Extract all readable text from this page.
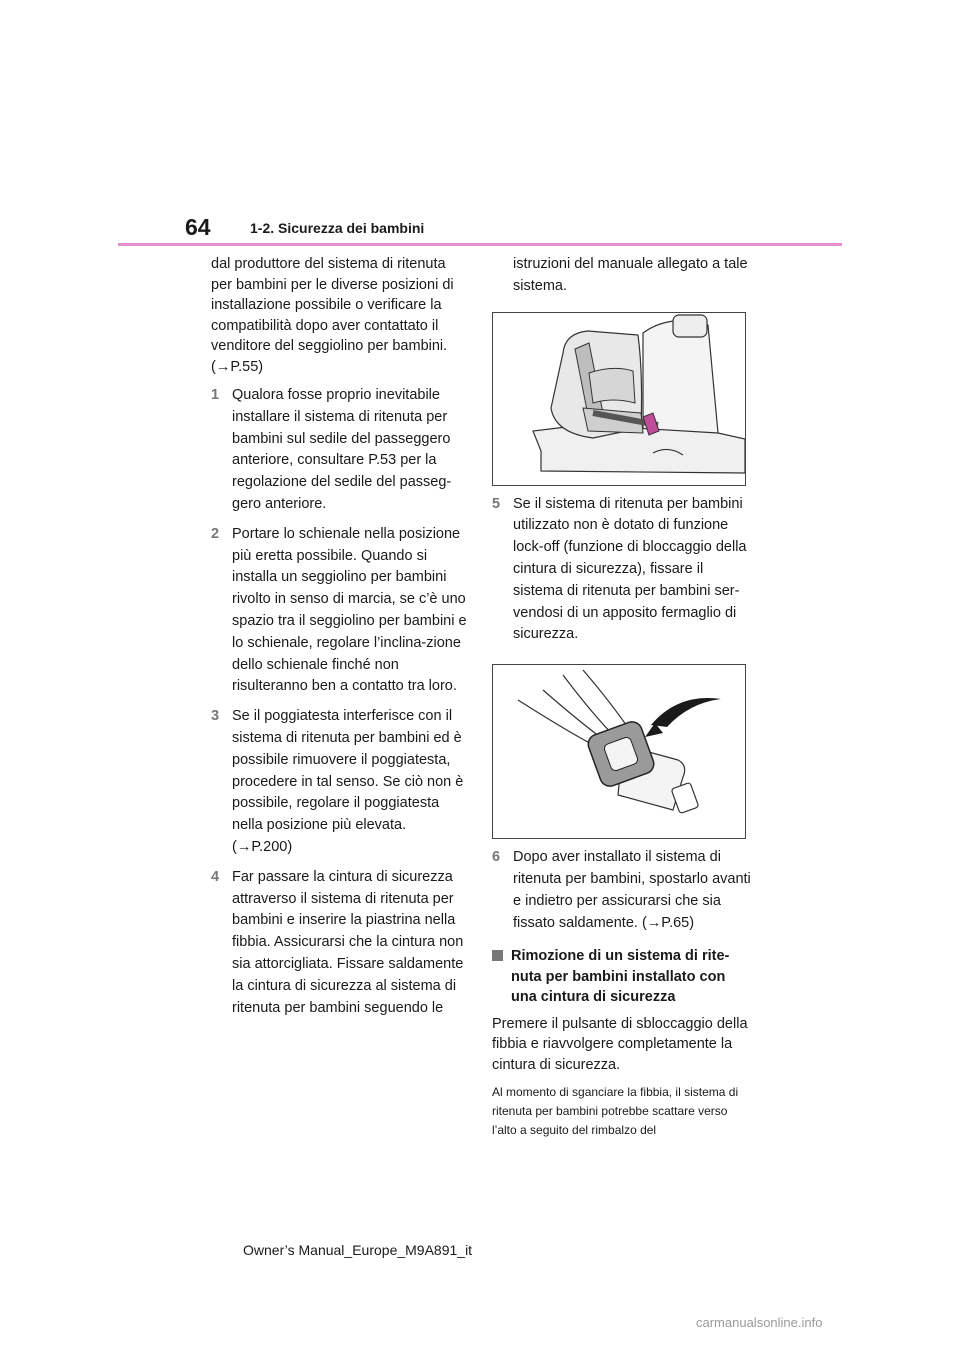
64	1-2. Sicurezza dei bambini

dal produttore del sistema di ritenuta per bambini per le diverse posizioni di installazione possibile o verificare la compatibilità dopo aver contattato il venditore del seggiolino per bambini. (→P.55)

1 Qualora fosse proprio inevitabile installare il sistema di ritenuta per bambini sul sedile del passeggero anteriore, consultare P.53 per la regolazione del sedile del passeg-gero anteriore.
2 Portare lo schienale nella posizione più eretta possibile. Quando si installa un seggiolino per bambini rivolto in senso di marcia, se c’è uno spazio tra il seggiolino per bambini e lo schienale, regolare l’inclina-zione dello schienale finché non risulteranno ben a contatto tra loro.
3 Se il poggiatesta interferisce con il sistema di ritenuta per bambini ed è possibile rimuovere il poggiatesta, procedere in tal senso. Se ciò non è possibile, regolare il poggiatesta nella posizione più elevata. (→P.200)
4 Far passare la cintura di sicurezza attraverso il sistema di ritenuta per bambini e inserire la piastrina nella fibbia. Assicurarsi che la cintura non sia attorcigliata. Fissare saldamente la cintura di sicurezza al sistema di ritenuta per bambini seguendo le
istruzioni del manuale allegato a tale sistema.
5 Se il sistema di ritenuta per bambini utilizzato non è dotato di funzione lock-off (funzione di bloccaggio della cintura di sicurezza), fissare il sistema di ritenuta per bambini ser-vendosi di un apposito fermaglio di sicurezza.
6 Dopo aver installato il sistema di ritenuta per bambini, spostarlo avanti e indietro per assicurarsi che sia fissato saldamente. (→P.65)
Rimozione di un sistema di rite-nuta per bambini installato con una cintura di sicurezza

Premere il pulsante di sbloccaggio della fibbia e riavvolgere completamente la cintura di sicurezza.

Al momento di sganciare la fibbia, il sistema di ritenuta per bambini potrebbe scattare verso l’alto a seguito del rimbalzo del

Owner’s Manual_Europe_M9A891_it
carmanualsonline.info
